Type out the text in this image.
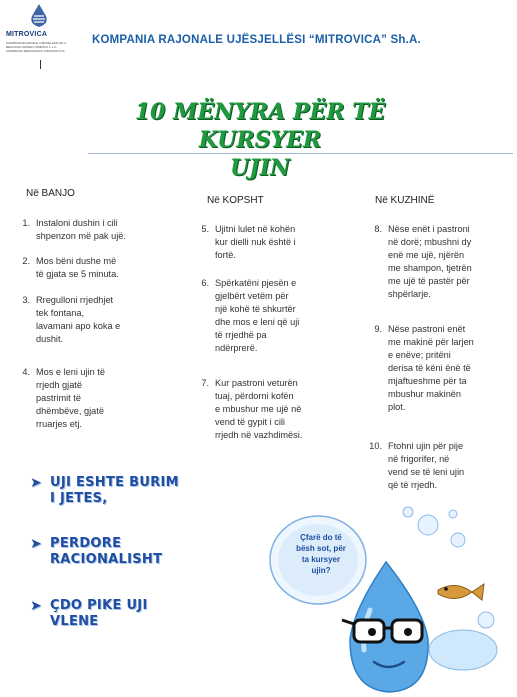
MITROVICA
KOMPANIA RAJONALE UJËSJELLËSI SH.A.
REGIONAL WATER COMPANY L.L.C.
KOMPANIJA REGIONALNI VODOVOD D.D.
KOMPANIA RAJONALE UJËSJELLËSI “MITROVICA” Sh.A.
10 MËNYRA PËR TË KURSYER
UJIN
Në BANJO
1. Instaloni dushin i cili
shpenzon më pak ujë.
2. Mos bëni dushe më
të gjata se 5 minuta.
3. Rregulloni rrjedhjet
tek fontana,
lavamani apo koka e
dushit.
4. Mos e leni ujin të
rrjedh gjatë
pastrimit të
dhëmbëve, gjatë
rruarjes etj.
Në KOPSHT
5. Ujitni lulet në kohën
kur dielli nuk është i
fortë.
6. Spërkatëni pjesën e
gjelbërt vetëm për
një kohë të shkurtër
dhe mos e leni që uji
të rrjedhë pa
ndërprerë.
7. Kur pastroni veturën
tuaj, përdorni kofën
e mbushur me ujë në
vend të gypit i cili
rrjedh në vazhdimësi.
Në KUZHINË
8. Nëse enët i pastroni
në dorë; mbushni dy
enë me ujë, njërën
me shampon, tjetrën
me ujë të pastër për
shpërlarje.
9. Nëse pastroni enët
me makinë për larjen
e enëve; pritëni
derisa të këni ënë të
mjaftueshme për ta
mbushur makinën
plot.
10. Ftohni ujin për pije
në frigorifer, në
vend se të leni ujin
që të rrjedh.
➤ UJI ESHTE BURIM
I JETES,
➤ PERDORE
RACIONALISHT
➤ ÇDO PIKE UJI
VLENE
Çfarë do të
bësh sot, për
ta kursyer
ujin?
